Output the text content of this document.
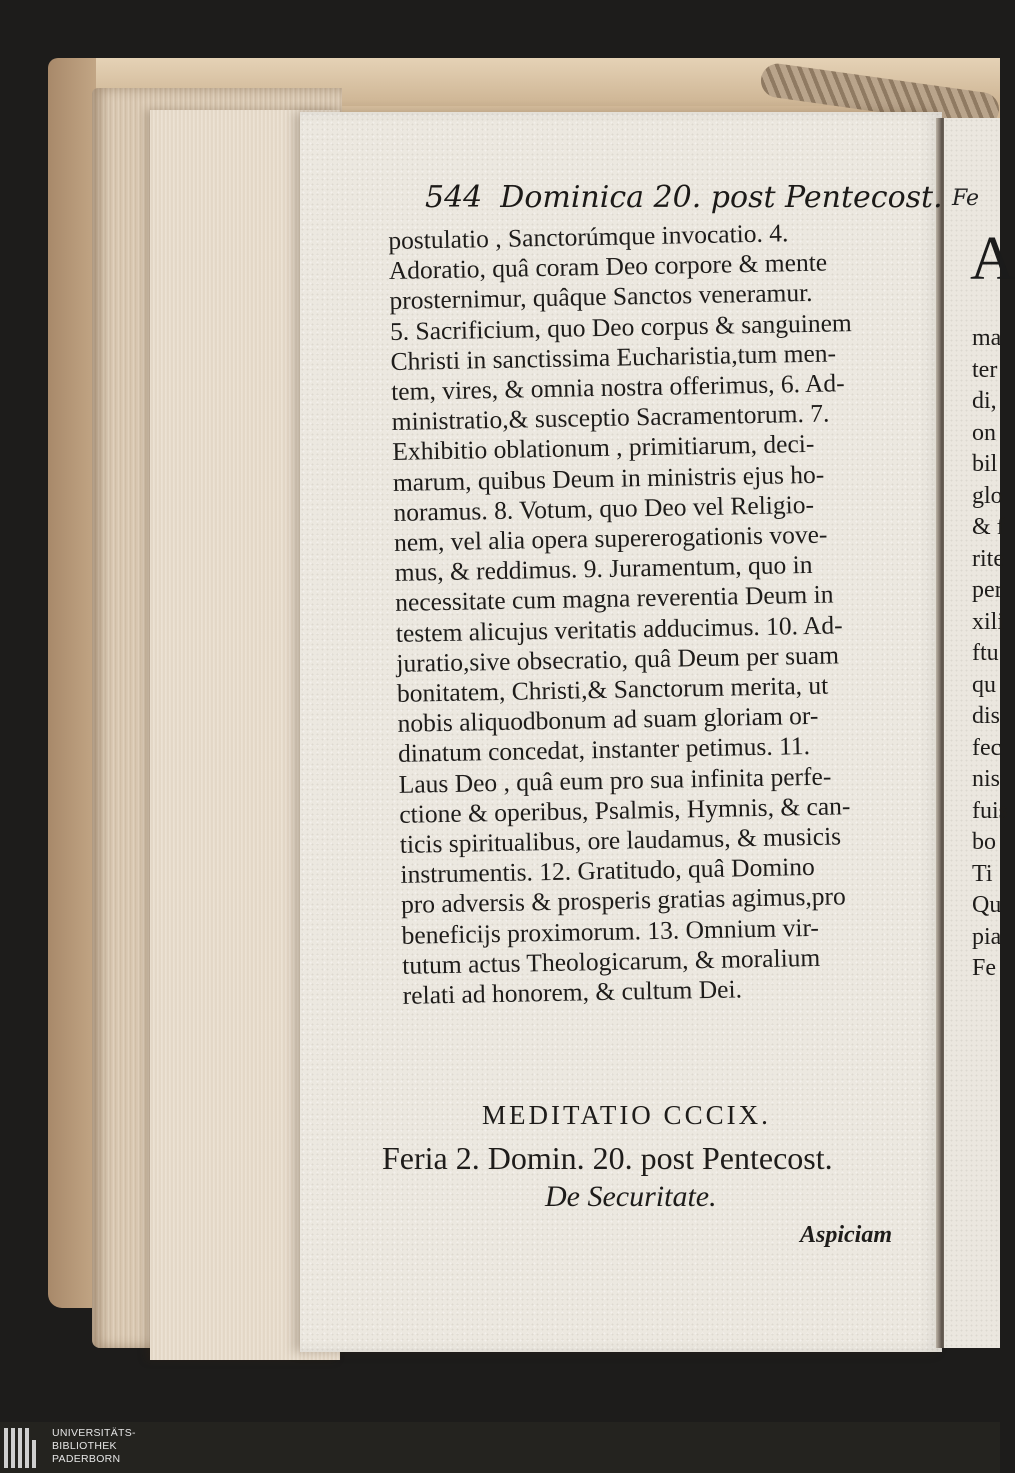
Fe
A
ma
ter
di,
on
bil
glo
& f
rite
per
xili
ftu
qu
dis
fec
nis
fuis
bo
Ti
Qu
pia
Fe
544 Dominica 20. post Pentecost.
postulatio , Sanctorúmque invocatio. 4.
Adoratio, quâ coram Deo corpore & mente
prosternimur, quâque Sanctos veneramur.
5. Sacrificium, quo Deo corpus & sanguinem
Christi in sanctissima Eucharistia,tum men-
tem, vires, & omnia nostra offerimus, 6. Ad-
ministratio,& susceptio Sacramentorum. 7.
Exhibitio oblationum , primitiarum, deci-
marum, quibus Deum in ministris ejus ho-
noramus. 8. Votum, quo Deo vel Religio-
nem, vel alia opera supererogationis vove-
mus, & reddimus. 9. Juramentum, quo in
necessitate cum magna reverentia Deum in
testem alicujus veritatis adducimus. 10. Ad-
juratio,sive obsecratio, quâ Deum per suam
bonitatem, Christi,& Sanctorum merita, ut
nobis aliquodbonum ad suam gloriam or-
dinatum concedat, instanter petimus. 11.
Laus Deo , quâ eum pro sua infinita perfe-
ctione & operibus, Psalmis, Hymnis, & can-
ticis spiritualibus, ore laudamus, & musicis
instrumentis. 12. Gratitudo, quâ Domino
pro adversis & prosperis gratias agimus,pro
beneficijs proximorum. 13. Omnium vir-
tutum actus Theologicarum, & moralium
relati ad honorem, & cultum Dei.
MEDITATIO CCCIX.
Feria 2. Domin. 20. post Pentecost.
De Securitate.
Aspiciam
UNIVERSITÄTS-
BIBLIOTHEK
PADERBORN
